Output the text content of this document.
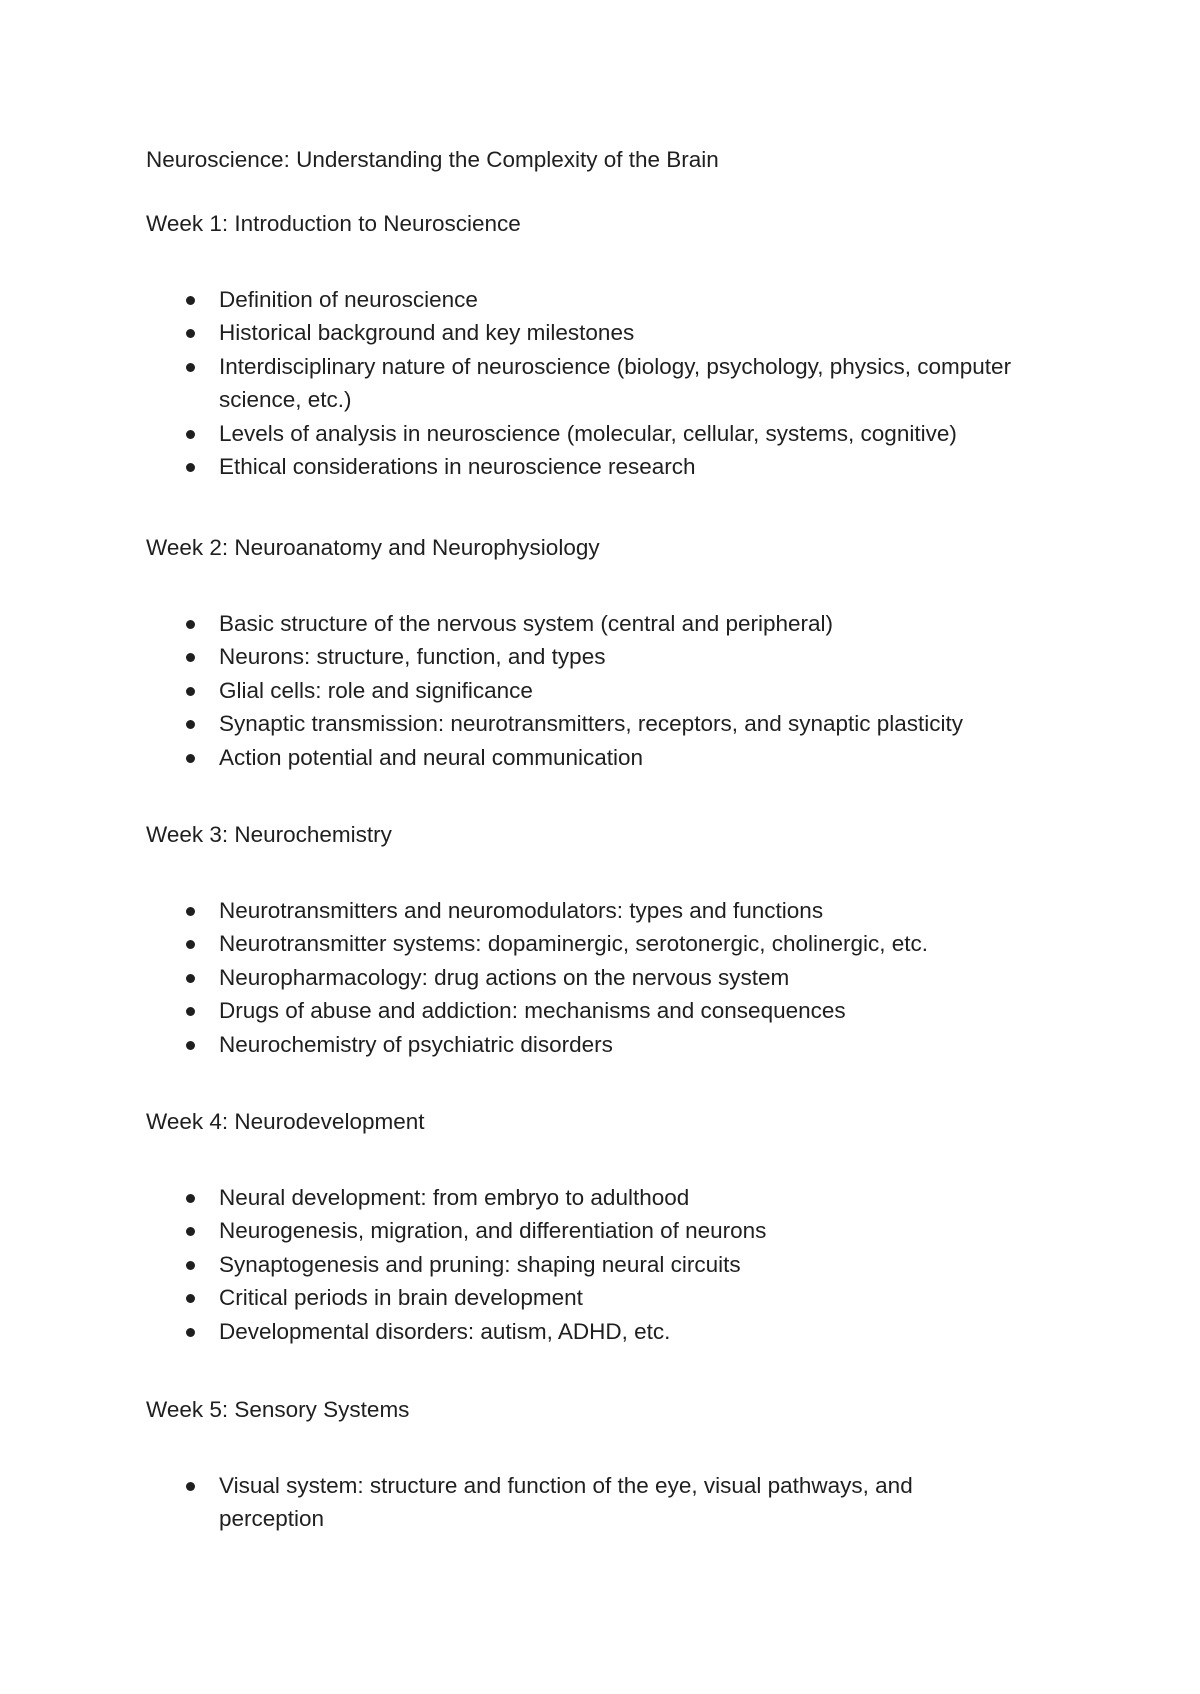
Neuroscience: Understanding the Complexity of the Brain
Week 1: Introduction to Neuroscience
Definition of neuroscience
Historical background and key milestones
Interdisciplinary nature of neuroscience (biology, psychology, physics, computer science, etc.)
Levels of analysis in neuroscience (molecular, cellular, systems, cognitive)
Ethical considerations in neuroscience research
Week 2: Neuroanatomy and Neurophysiology
Basic structure of the nervous system (central and peripheral)
Neurons: structure, function, and types
Glial cells: role and significance
Synaptic transmission: neurotransmitters, receptors, and synaptic plasticity
Action potential and neural communication
Week 3: Neurochemistry
Neurotransmitters and neuromodulators: types and functions
Neurotransmitter systems: dopaminergic, serotonergic, cholinergic, etc.
Neuropharmacology: drug actions on the nervous system
Drugs of abuse and addiction: mechanisms and consequences
Neurochemistry of psychiatric disorders
Week 4: Neurodevelopment
Neural development: from embryo to adulthood
Neurogenesis, migration, and differentiation of neurons
Synaptogenesis and pruning: shaping neural circuits
Critical periods in brain development
Developmental disorders: autism, ADHD, etc.
Week 5: Sensory Systems
Visual system: structure and function of the eye, visual pathways, and perception
